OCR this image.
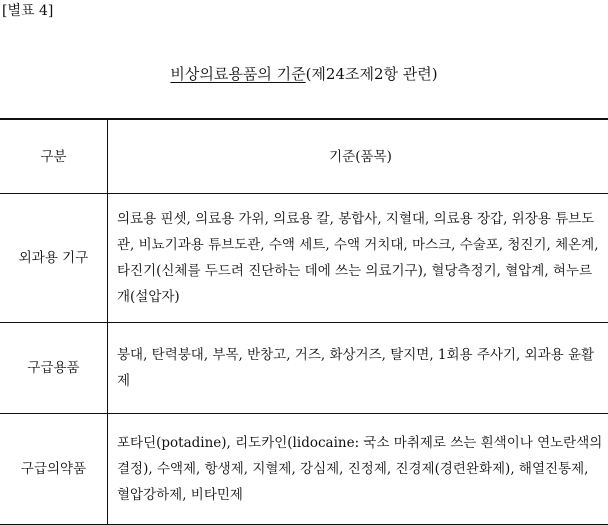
[별표 4]
비상의료용품의 기준(제24조제2항 관련)
구분	기준(품목)
외과용 기구	의료용 핀셋, 의료용 가위, 의료용 칼, 봉합사, 지혈대, 의료용 장갑, 위장용 튜브도관, 비뇨기과용 튜브도관, 수액 세트, 수액 거치대, 마스크, 수술포, 청진기, 체온계, 타진기(신체를 두드려 진단하는 데에 쓰는 의료기구), 혈당측정기, 혈압계, 혀누르개(설압자)
구급용품	붕대, 탄력붕대, 부목, 반창고, 거즈, 화상거즈, 탈지면, 1회용 주사기, 외과용 윤활제
구급의약품	포타딘(potadine), 리도카인(lidocaine: 국소 마취제로 쓰는 흰색이나 연노란색의 결정), 수액제, 항생제, 지혈제, 강심제, 진정제, 진경제(경련완화제), 해열진통제, 혈압강하제, 비타민제
